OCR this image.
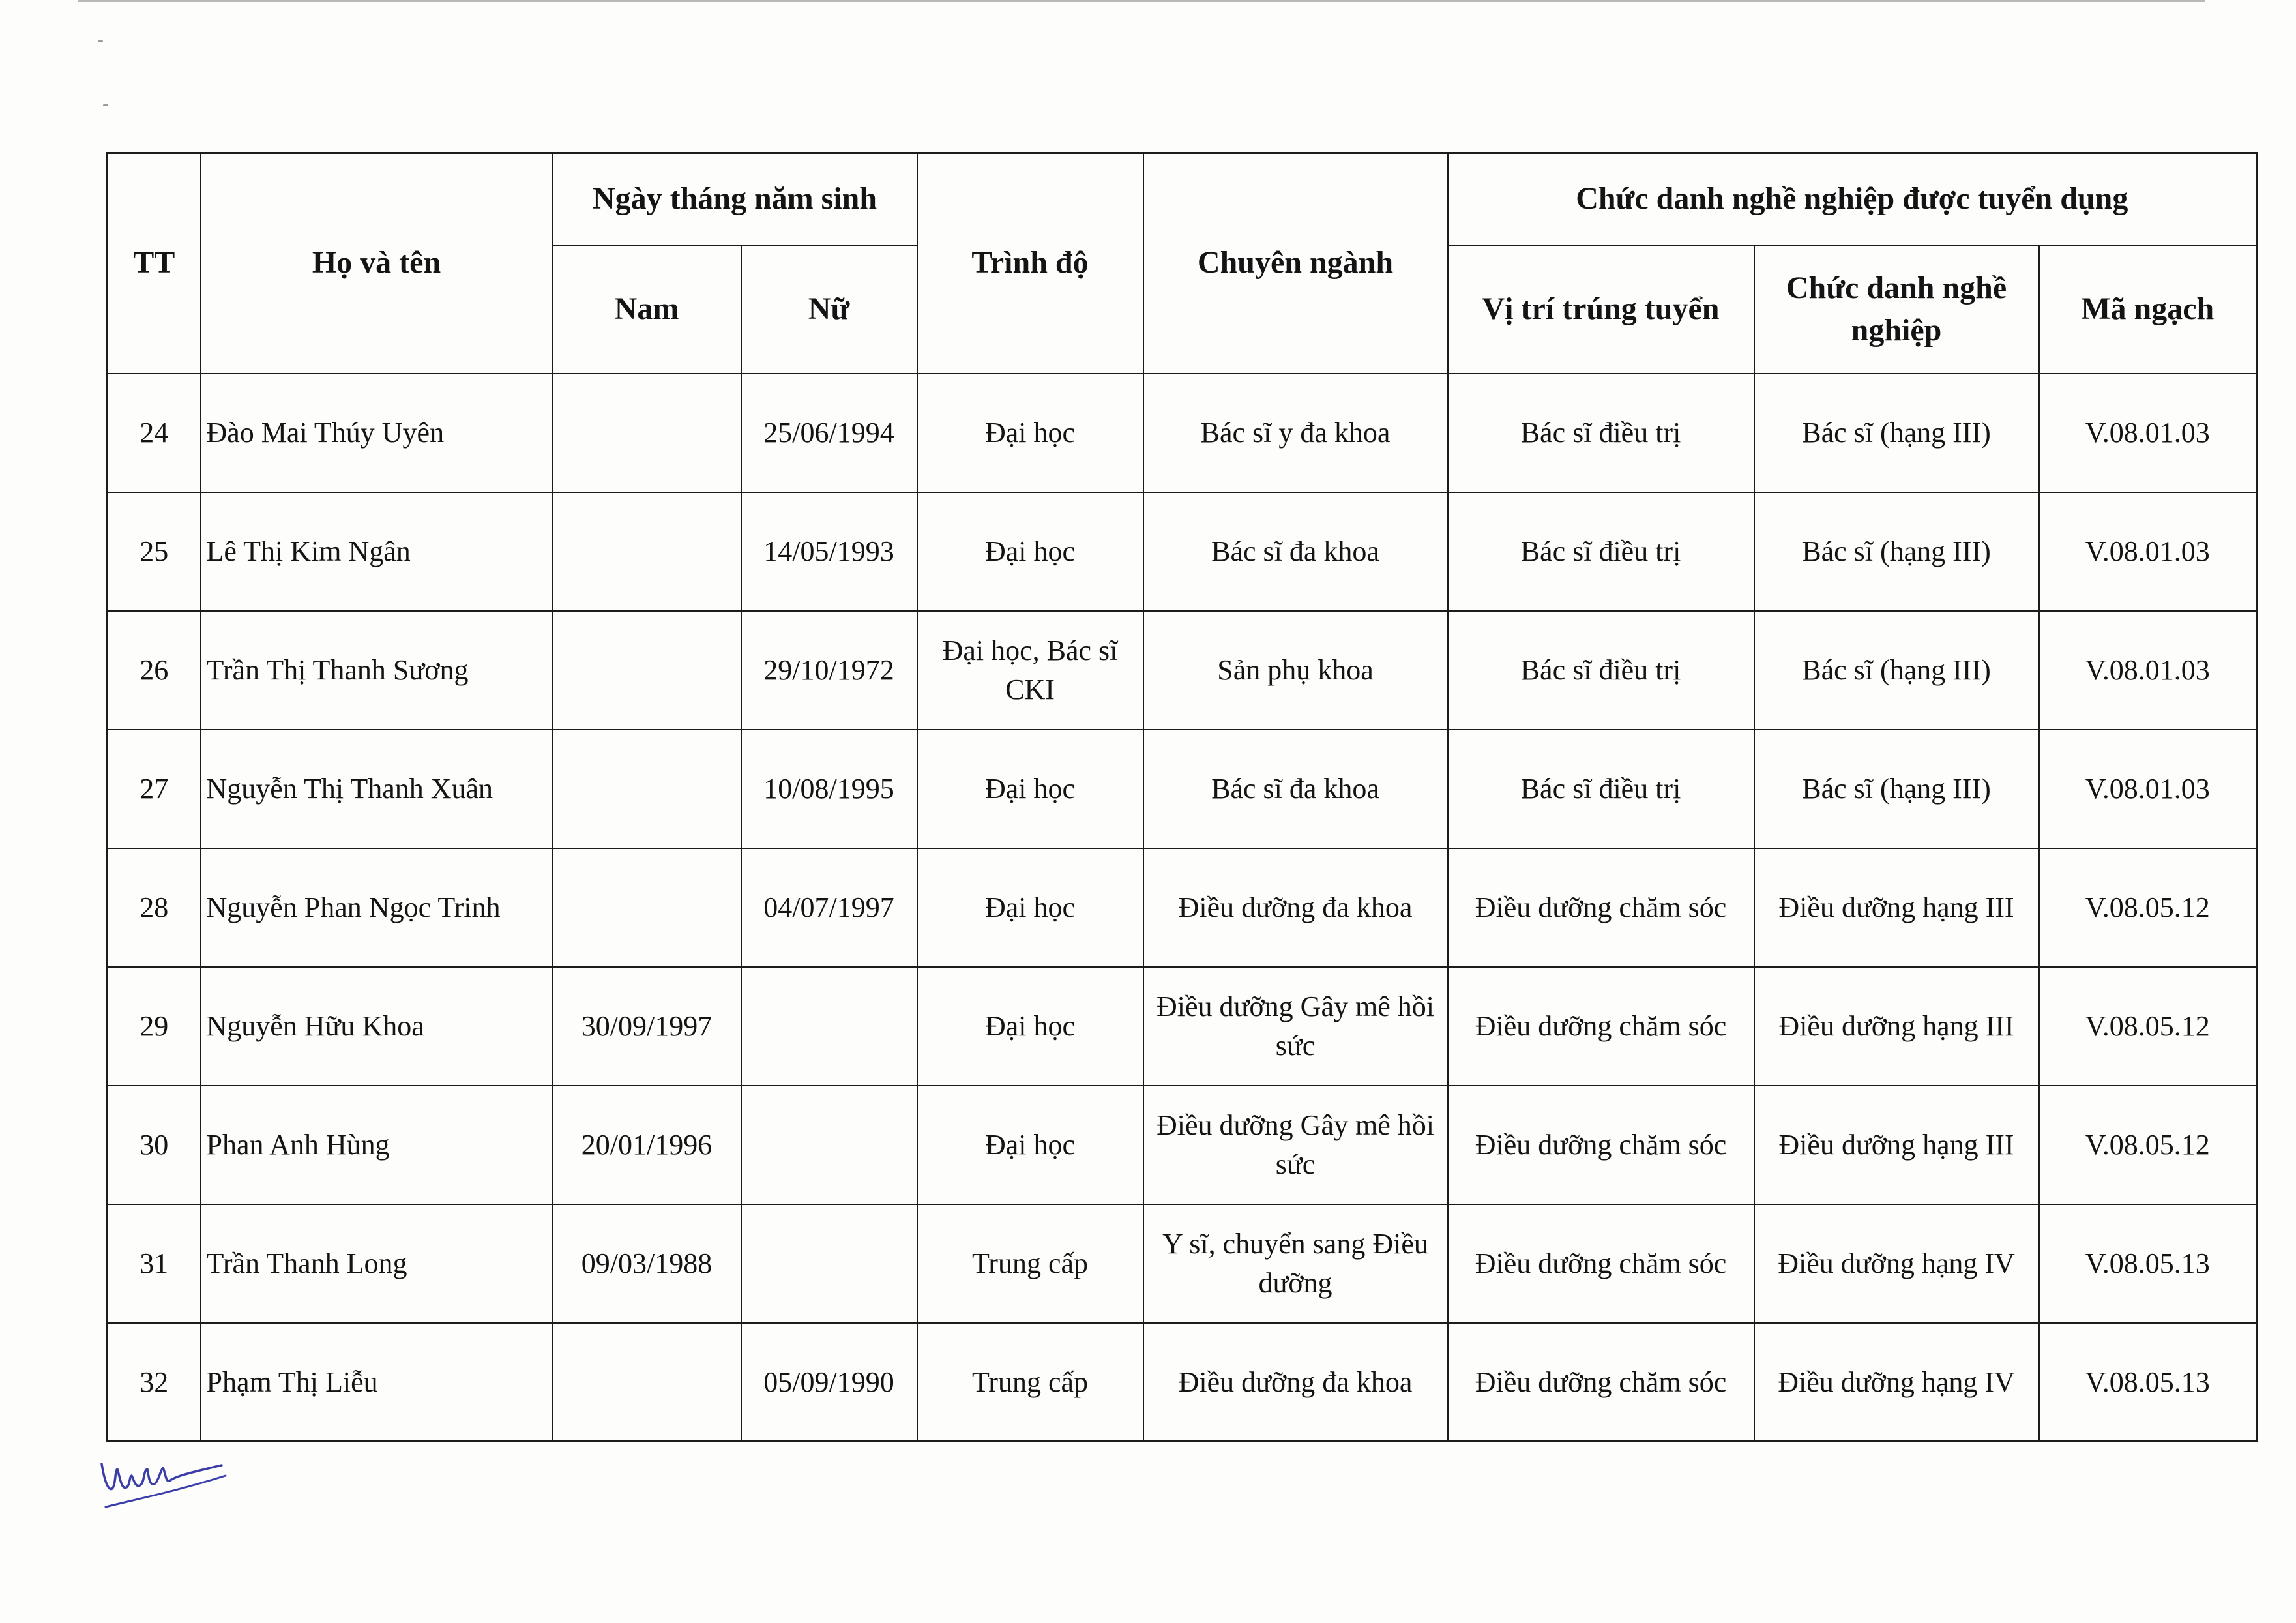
TT	Họ và tên	Ngày tháng năm sinh		Trình độ	Chuyên ngành	Chức danh nghề nghiệp được tuyển dụng		
		Nam	Nữ			Vị trí trúng tuyển	Chức danh nghề nghiệp	Mã ngạch
24	Đào Mai Thúy Uyên		25/06/1994	Đại học	Bác sĩ y đa khoa	Bác sĩ điều trị	Bác sĩ (hạng III)	V.08.01.03
25	Lê Thị Kim Ngân		14/05/1993	Đại học	Bác sĩ đa khoa	Bác sĩ điều trị	Bác sĩ (hạng III)	V.08.01.03
26	Trần Thị Thanh Sương		29/10/1972	Đại học, Bác sĩ CKI	Sản phụ khoa	Bác sĩ điều trị	Bác sĩ (hạng III)	V.08.01.03
27	Nguyễn Thị Thanh Xuân		10/08/1995	Đại học	Bác sĩ đa khoa	Bác sĩ điều trị	Bác sĩ (hạng III)	V.08.01.03
28	Nguyễn Phan Ngọc Trinh		04/07/1997	Đại học	Điều dưỡng đa khoa	Điều dưỡng chăm sóc	Điều dưỡng hạng III	V.08.05.12
29	Nguyễn Hữu Khoa	30/09/1997		Đại học	Điều dưỡng Gây mê hồi sức	Điều dưỡng chăm sóc	Điều dưỡng hạng III	V.08.05.12
30	Phan Anh Hùng	20/01/1996		Đại học	Điều dưỡng Gây mê hồi sức	Điều dưỡng chăm sóc	Điều dưỡng hạng III	V.08.05.12
31	Trần Thanh Long	09/03/1988		Trung cấp	Y sĩ, chuyển sang Điều dưỡng	Điều dưỡng chăm sóc	Điều dưỡng hạng IV	V.08.05.13
32	Phạm Thị Liễu		05/09/1990	Trung cấp	Điều dưỡng đa khoa	Điều dưỡng chăm sóc	Điều dưỡng hạng IV	V.08.05.13
